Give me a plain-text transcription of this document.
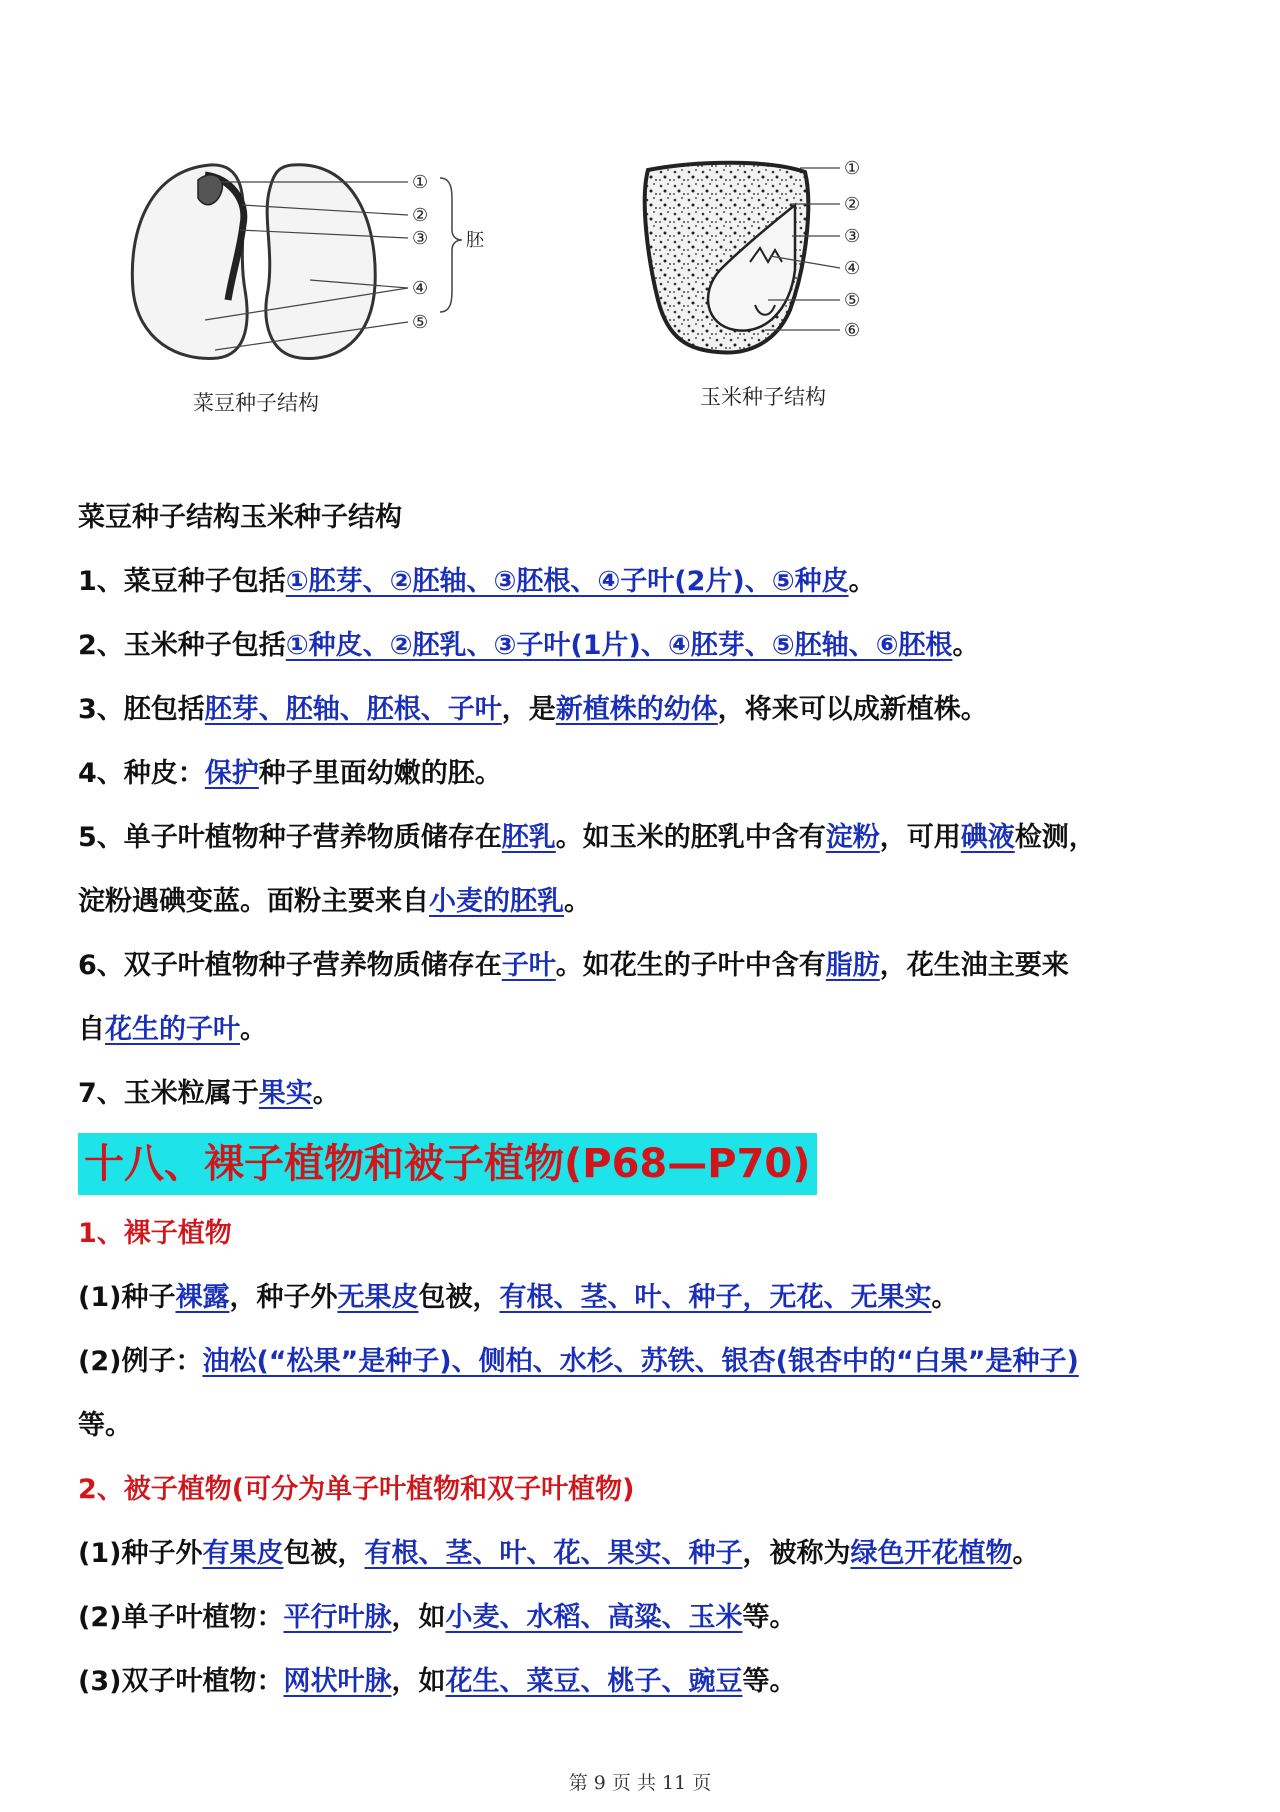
①
②
③
④
⑤
胚
菜豆种子结构
①
②
③
④
⑤
⑥
玉米种子结构
菜豆种子结构玉米种子结构
1、菜豆种子包括①胚芽、②胚轴、③胚根、④子叶(2片)、⑤种皮。
2、玉米种子包括①种皮、②胚乳、③子叶(1片)、④胚芽、⑤胚轴、⑥胚根。
3、胚包括胚芽、胚轴、胚根、子叶，是新植株的幼体，将来可以成新植株。
4、种皮：保护种子里面幼嫩的胚。
5、单子叶植物种子营养物质储存在胚乳。如玉米的胚乳中含有淀粉，可用碘液检测，
淀粉遇碘变蓝。面粉主要来自小麦的胚乳。
6、双子叶植物种子营养物质储存在子叶。如花生的子叶中含有脂肪，花生油主要来
自花生的子叶。
7、玉米粒属于果实。
十八、裸子植物和被子植物(P68—P70)
1、裸子植物
(1)种子裸露，种子外无果皮包被，有根、茎、叶、种子，无花、无果实。
(2)例子：油松(“松果”是种子)、侧柏、水杉、苏铁、银杏(银杏中的“白果”是种子)
等。
2、被子植物(可分为单子叶植物和双子叶植物)
(1)种子外有果皮包被，有根、茎、叶、花、果实、种子，被称为绿色开花植物。
(2)单子叶植物：平行叶脉，如小麦、水稻、高粱、玉米等。
(3)双子叶植物：网状叶脉，如花生、菜豆、桃子、豌豆等。
第 9 页 共 11 页
